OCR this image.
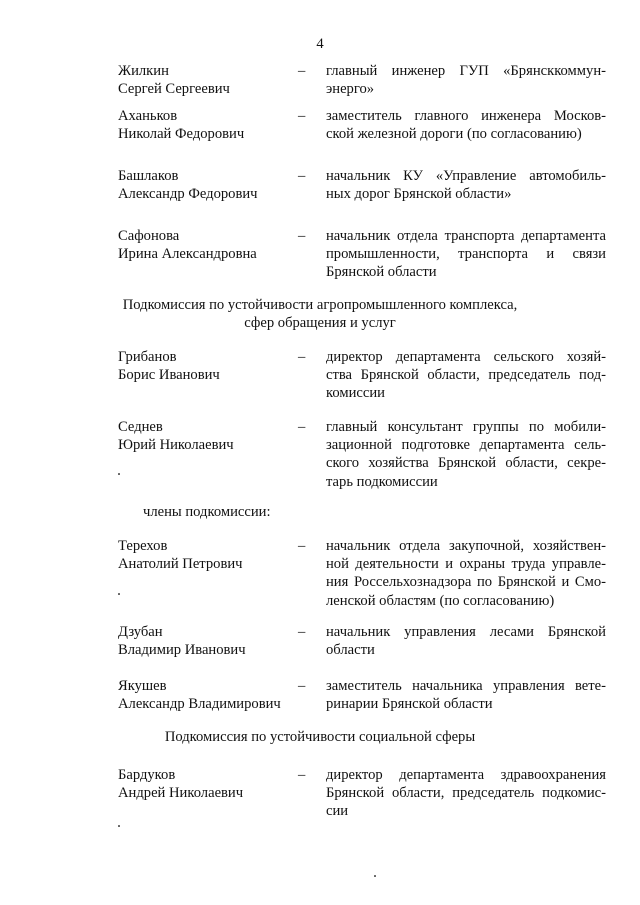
4
Жилкин
Сергей Сергеевич
– главный инженер ГУП «Брянсккоммун-
энерго»
Аханьков
Николай Федорович
– заместитель главного инженера Москов-
ской железной дороги (по согласованию)
Башлаков
Александр Федорович
– начальник КУ «Управление автомобиль-
ных дорог Брянской области»
Сафонова
Ирина Александровна
– начальник отдела транспорта департамента
промышленности, транспорта и связи
Брянской области
Подкомиссия по устойчивости агропромышленного комплекса,
сфер обращения и услуг
Грибанов
Борис Иванович
– директор департамента сельского хозяй-
ства Брянской области, председатель под-
комиссии
Седнев
Юрий Николаевич
– главный консультант группы по мобили-
зационной подготовке департамента сель-
ского хозяйства Брянской области, секре-
тарь подкомиссии
члены подкомиссии:
Терехов
Анатолий Петрович
– начальник отдела закупочной, хозяйствен-
ной деятельности и охраны труда управле-
ния Россельхознадзора по Брянской и Смо-
ленской областям (по согласованию)
Дзубан
Владимир Иванович
– начальник управления лесами Брянской
области
Якушев
Александр Владимирович
– заместитель начальника управления вете-
ринарии Брянской области
Подкомиссия по устойчивости социальной сферы
Бардуков
Андрей Николаевич
– директор департамента здравоохранения
Брянской области, председатель подкомис-
сии
